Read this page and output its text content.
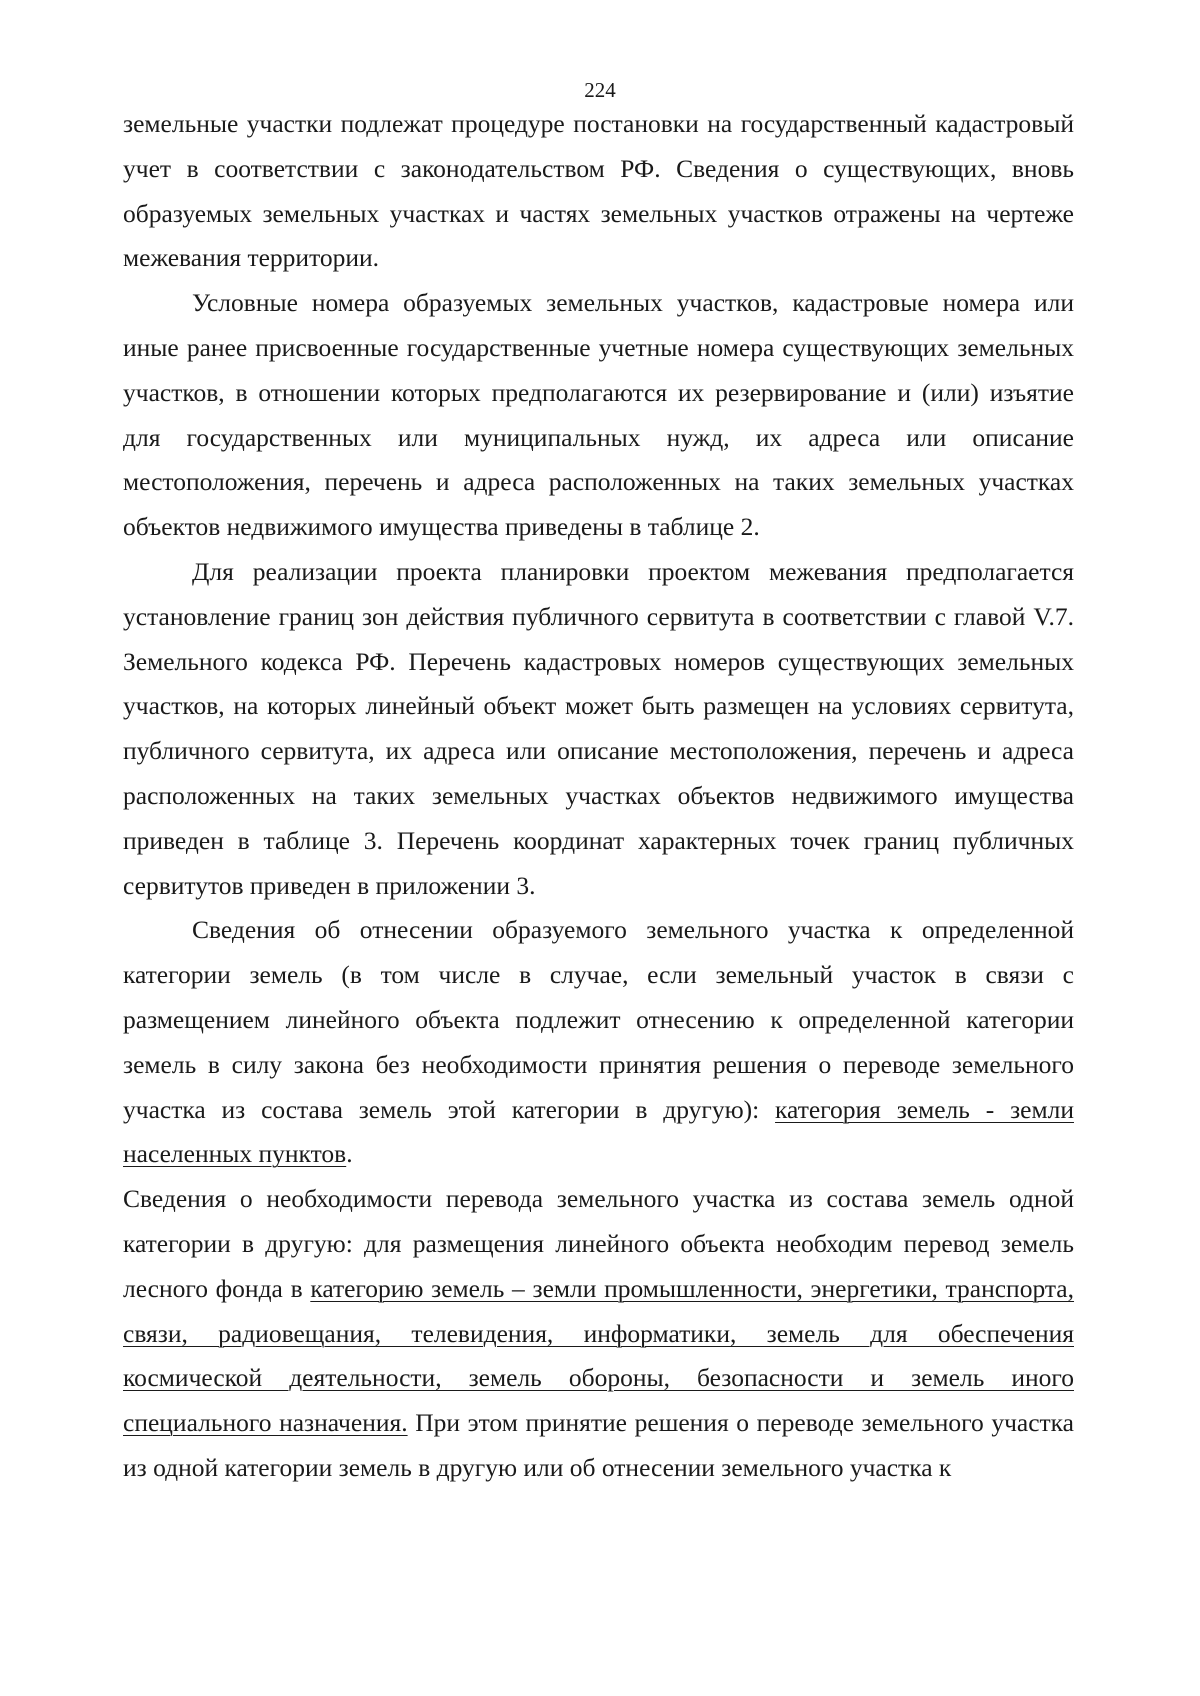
224

земельные участки подлежат процедуре постановки на государственный кадастровый учет в соответствии с законодательством РФ. Сведения о существующих, вновь образуемых земельных участках и частях земельных участков отражены на чертеже межевания территории.

Условные номера образуемых земельных участков, кадастровые номера или иные ранее присвоенные государственные учетные номера существующих земельных участков, в отношении которых предполагаются их резервирование и (или) изъятие для государственных или муниципальных нужд, их адреса или описание местоположения, перечень и адреса расположенных на таких земельных участках объектов недвижимого имущества приведены в таблице 2.

Для реализации проекта планировки проектом межевания предполагается установление границ зон действия публичного сервитута в соответствии с главой V.7. Земельного кодекса РФ. Перечень кадастровых номеров существующих земельных участков, на которых линейный объект может быть размещен на условиях сервитута, публичного сервитута, их адреса или описание местоположения, перечень и адреса расположенных на таких земельных участках объектов недвижимого имущества приведен в таблице 3. Перечень координат характерных точек границ публичных сервитутов приведен в приложении 3.

Сведения об отнесении образуемого земельного участка к определенной категории земель (в том числе в случае, если земельный участок в связи с размещением линейного объекта подлежит отнесению к определенной категории земель в силу закона без необходимости принятия решения о переводе земельного участка из состава земель этой категории в другую): категория земель - земли населенных пунктов.

Сведения о необходимости перевода земельного участка из состава земель одной категории в другую: для размещения линейного объекта необходим перевод земель лесного фонда в категорию земель – земли промышленности, энергетики, транспорта, связи, радиовещания, телевидения, информатики, земель для обеспечения космической деятельности, земель обороны, безопасности и земель иного специального назначения. При этом принятие решения о переводе земельного участка из одной категории земель в другую или об отнесении земельного участка к
